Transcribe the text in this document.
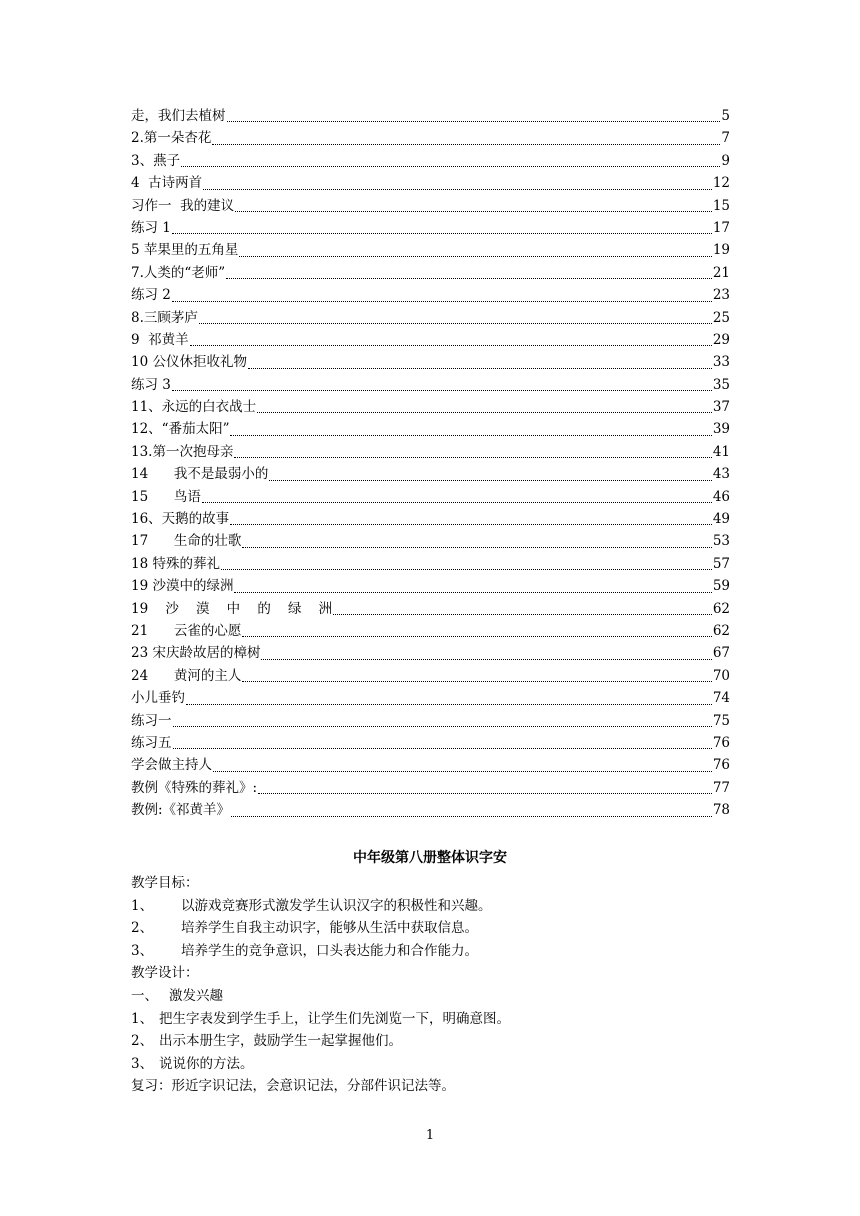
走，我们去植树	5
2.第一朵杏花	7
3、燕子	9
4  古诗两首	12
习作一  我的建议	15
练习 1	17
5 苹果里的五角星	19
7.人类的“老师”	21
练习 2	23
8.三顾茅庐	25
9  祁黄羊	29
10 公仪休拒收礼物	33
练习 3	35
11、永远的白衣战士	37
12、“番茄太阳”	39
13.第一次抱母亲	41
14      我不是最弱小的	43
15      鸟语	46
16、天鹅的故事	49
17      生命的壮歌	53
18 特殊的葬礼	57
19 沙漠中的绿洲	59
19    沙    漠    中    的    绿    洲	62
21      云雀的心愿	62
23 宋庆龄故居的樟树	67
24      黄河的主人	70
小儿垂钓	74
练习一	75
练习五	76
学会做主持人	76
教例《特殊的葬礼》:	77
教例:《祁黄羊》	78
中年级第八册整体识字安
教学目标：
1、 以游戏竞赛形式激发学生认识汉字的积极性和兴趣。
2、 培养学生自我主动识字，能够从生活中获取信息。
3、 培养学生的竞争意识，口头表达能力和合作能力。
教学设计：
一、 激发兴趣
1、 把生字表发到学生手上，让学生们先浏览一下，明确意图。
2、 出示本册生字，鼓励学生一起掌握他们。
3、 说说你的方法。
复习：形近字识记法，会意识记法，分部件识记法等。
1
